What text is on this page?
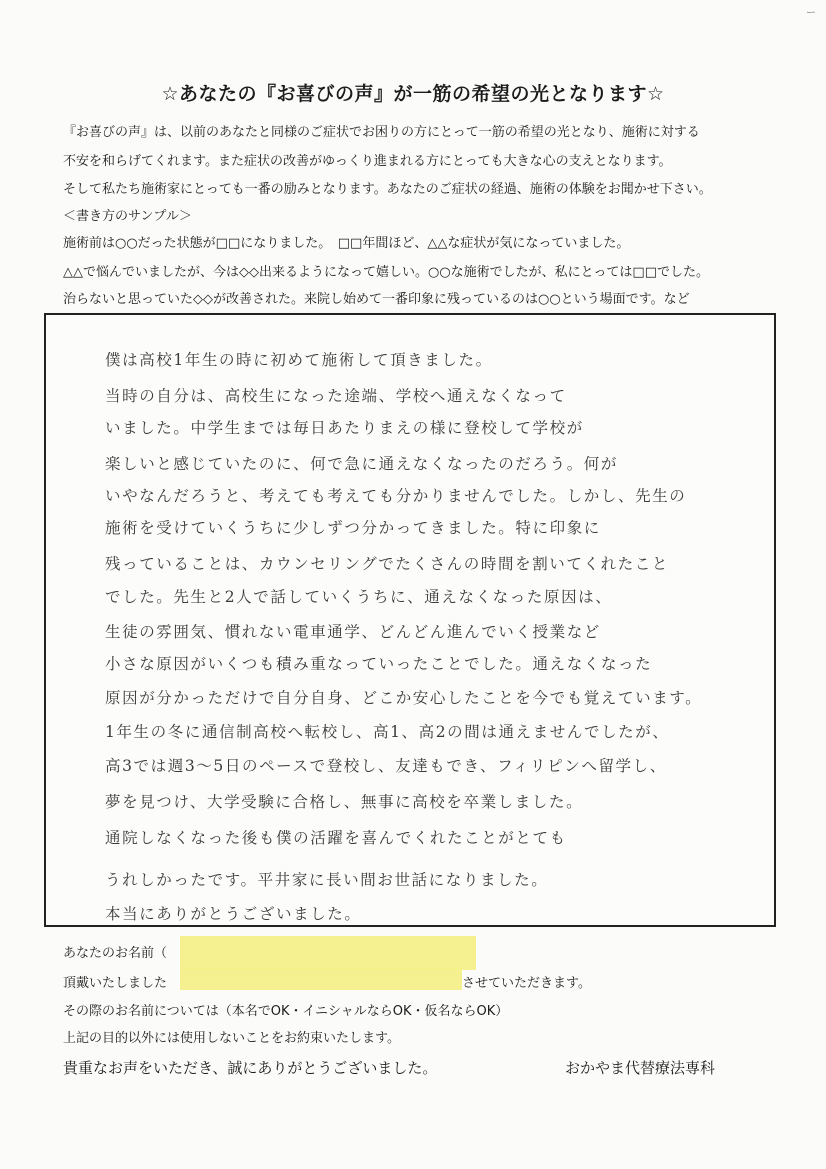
ー
☆あなたの『お喜びの声』が一筋の希望の光となります☆
『お喜びの声』は、以前のあなたと同様のご症状でお困りの方にとって一筋の希望の光となり、施術に対する
不安を和らげてくれます。また症状の改善がゆっくり進まれる方にとっても大きな心の支えとなります。
そして私たち施術家にとっても一番の励みとなります。あなたのご症状の経過、施術の体験をお聞かせ下さい。
＜書き方のサンプル＞
施術前は○○だった状態が□□になりました。　□□年間ほど、△△な症状が気になっていました。
△△で悩んでいましたが、今は◇◇出来るようになって嬉しい。○○な施術でしたが、私にとっては□□でした。
治らないと思っていた◇◇が改善された。来院し始めて一番印象に残っているのは○○という場面です。など
僕は高校1年生の時に初めて施術して頂きました。
当時の自分は、高校生になった途端、学校へ通えなくなって
いました。中学生までは毎日あたりまえの様に登校して学校が
楽しいと感じていたのに、何で急に通えなくなったのだろう。何が
いやなんだろうと、考えても考えても分かりませんでした。しかし、先生の
施術を受けていくうちに少しずつ分かってきました。特に印象に
残っていることは、カウンセリングでたくさんの時間を割いてくれたこと
でした。先生と2人で話していくうちに、通えなくなった原因は、
生徒の雰囲気、慣れない電車通学、どんどん進んでいく授業など
小さな原因がいくつも積み重なっていったことでした。通えなくなった
原因が分かっただけで自分自身、どこか安心したことを今でも覚えています。
1年生の冬に通信制高校へ転校し、高1、高2の間は通えませんでしたが、
高3では週3～5日のペースで登校し、友達もでき、フィリピンへ留学し、
夢を見つけ、大学受験に合格し、無事に高校を卒業しました。
通院しなくなった後も僕の活躍を喜んでくれたことがとても
うれしかったです。平井家に長い間お世話になりました。
本当にありがとうございました。
あなたのお名前（
頂戴いたしました	させていただきます。
その際のお名前については（本名でOK・イニシャルならOK・仮名ならOK）
上記の目的以外には使用しないことをお約束いたします。
貴重なお声をいただき、誠にありがとうございました。	おかやま代替療法専科
